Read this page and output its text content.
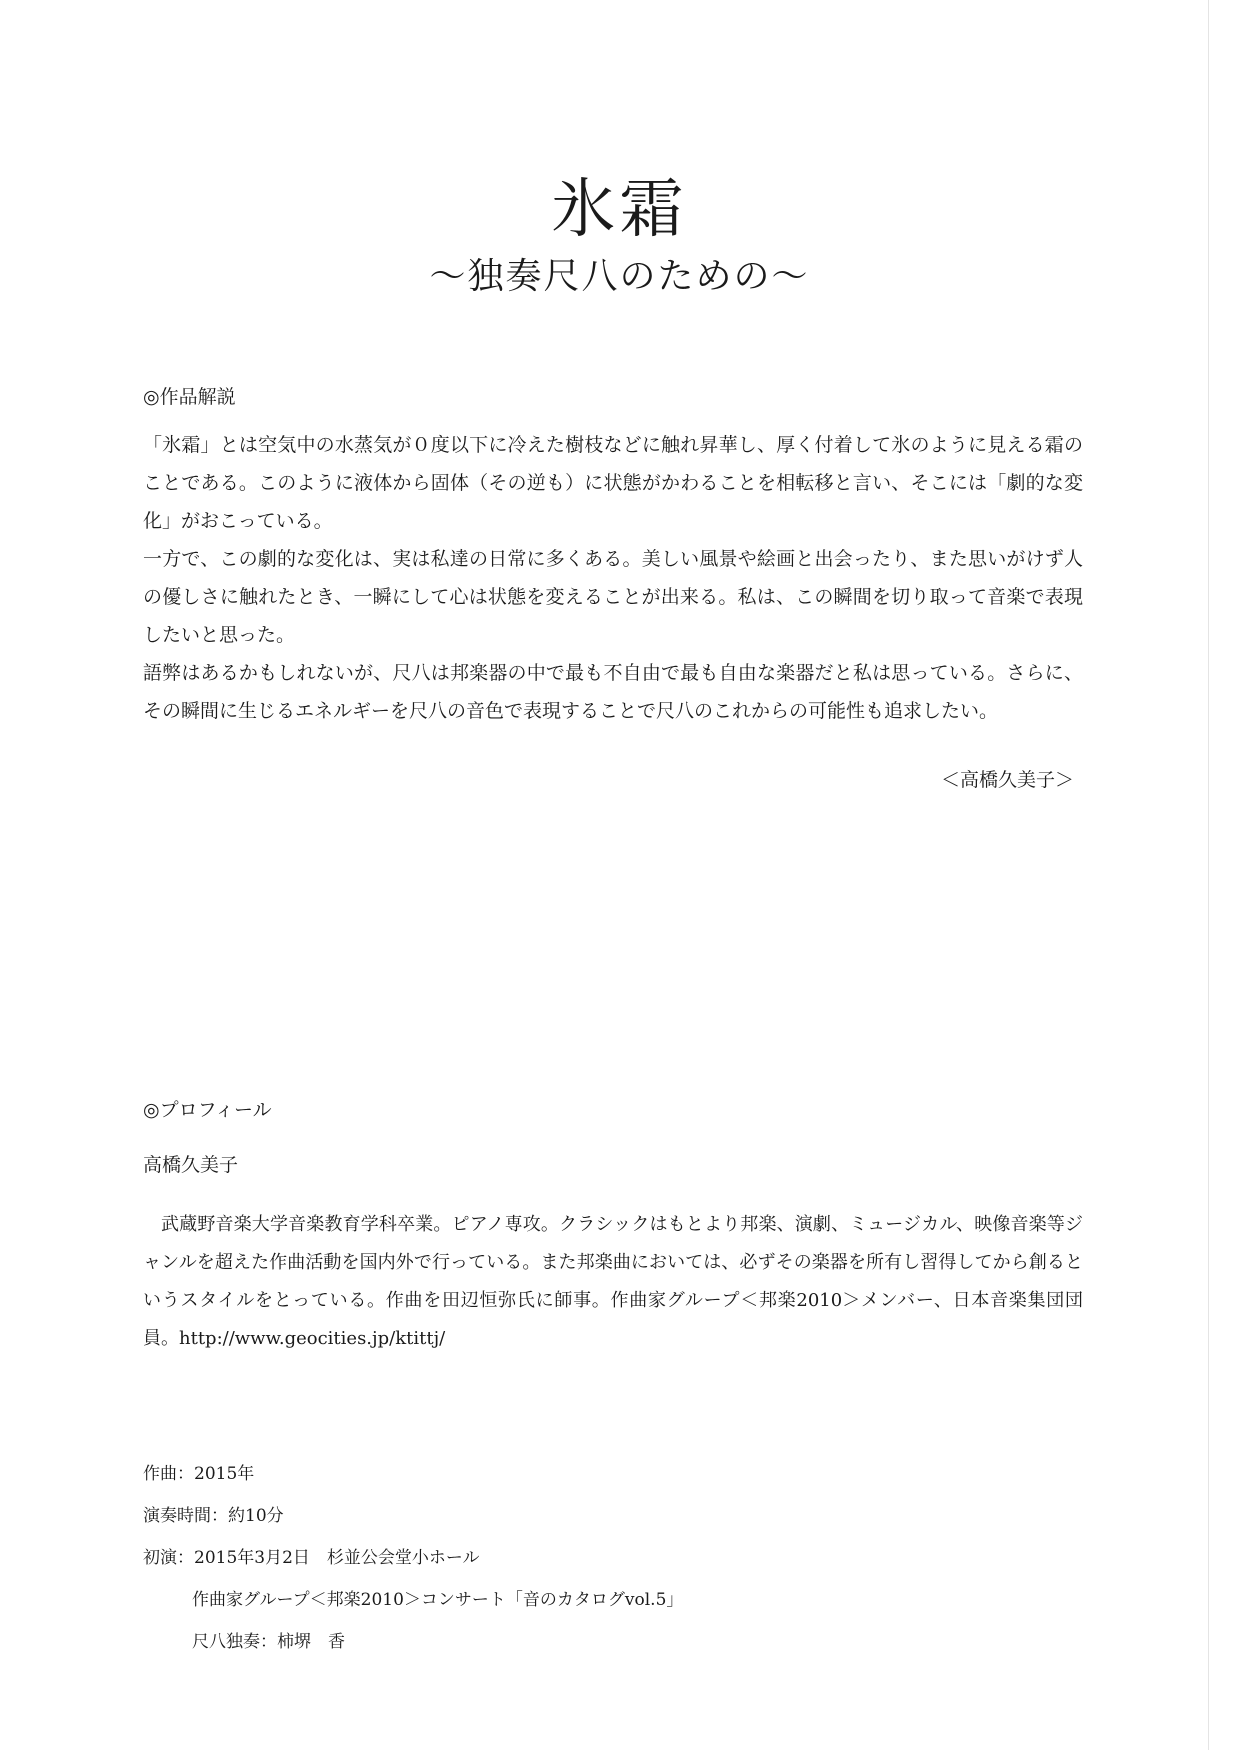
氷霜
～独奏尺八のための～
◎作品解説

「氷霜」とは空気中の水蒸気が０度以下に冷えた樹枝などに触れ昇華し、厚く付着して氷のように見える霜のことである。このように液体から固体（その逆も）に状態がかわることを相転移と言い、そこには「劇的な変化」がおこっている。

一方で、この劇的な変化は、実は私達の日常に多くある。美しい風景や絵画と出会ったり、また思いがけず人の優しさに触れたとき、一瞬にして心は状態を変えることが出来る。私は、この瞬間を切り取って音楽で表現したいと思った。

語弊はあるかもしれないが、尺八は邦楽器の中で最も不自由で最も自由な楽器だと私は思っている。さらに、その瞬間に生じるエネルギーを尺八の音色で表現することで尺八のこれからの可能性も追求したい。

＜高橋久美子＞
◎プロフィール
高橋久美子

武蔵野音楽大学音楽教育学科卒業。ピアノ専攻。クラシックはもとより邦楽、演劇、ミュージカル、映像音楽等ジャンルを超えた作曲活動を国内外で行っている。また邦楽曲においては、必ずその楽器を所有し習得してから創るというスタイルをとっている。作曲を田辺恒弥氏に師事。作曲家グループ＜邦楽2010＞メンバー、日本音楽集団団員。http://www.geocities.jp/ktittj/

作曲：2015年
演奏時間：約10分
初演：2015年3月2日　杉並公会堂小ホール
作曲家グループ＜邦楽2010＞コンサート「音のカタログvol.5」
尺八独奏：柿堺　香
